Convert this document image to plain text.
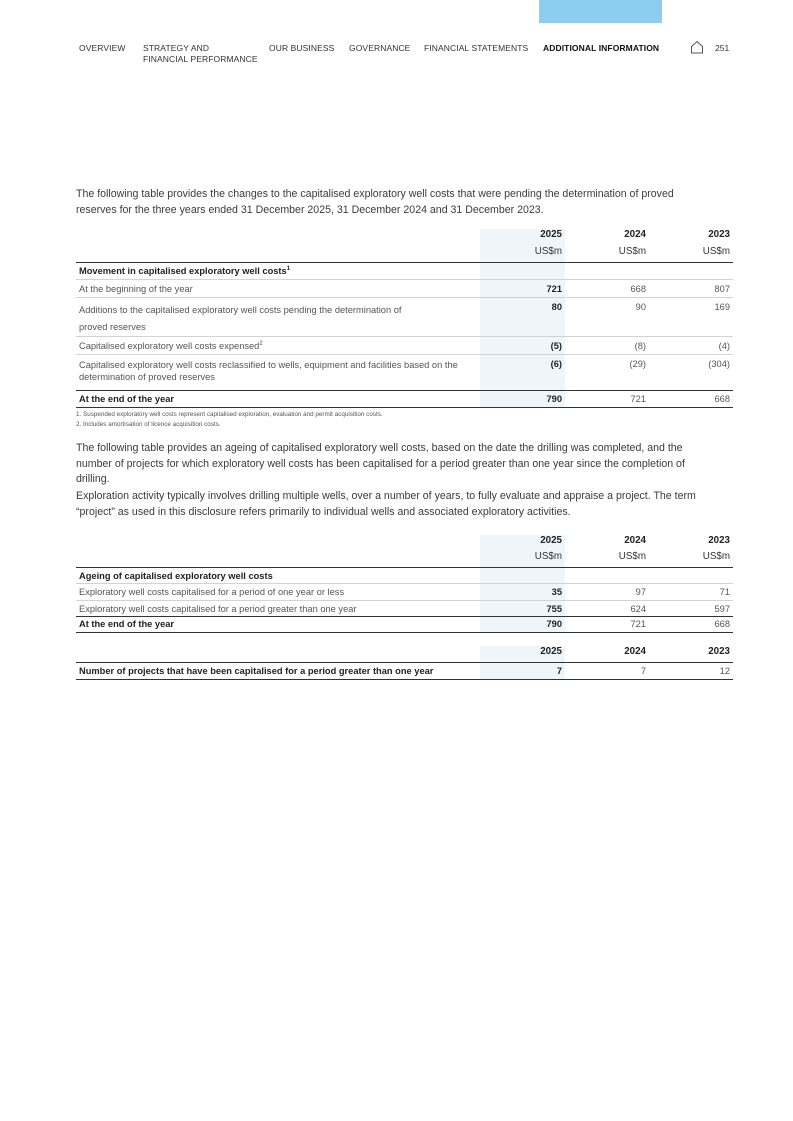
OVERVIEW STRATEGY AND
FINANCIAL PERFORMANCE
OUR BUSINESS GOVERNANCE FINANCIAL STATEMENTS ADDITIONAL INFORMATION	251

The following table provides the changes to the capitalised exploratory well costs that were pending the determination of proved reserves for the three years ended 31 December 2025, 31 December 2024 and 31 December 2023.

	2025	2024	2023
	US$m	US$m	US$m
Movement in capitalised exploratory well costs$^1$			
At the beginning of the year	721	668	807
Additions to the capitalised exploratory well costs pending the determination of
proved reserves	80	90	169
Capitalised exploratory well costs expensed$^2$	(5)	(8)	(4)
Capitalised exploratory well costs reclassified to wells, equipment and facilities based on the
determination of proved reserves	(6)	(29)	(304)
At the end of the year	790	721	668
1. Suspended exploratory well costs represent capitalised exploration, evaluation and permit acquisition costs.
2. Includes amortisation of licence acquisition costs.

The following table provides an ageing of capitalised exploratory well costs, based on the date the drilling was completed, and the number of projects for which exploratory well costs has been capitalised for a period greater than one year since the completion of drilling.

Exploration activity typically involves drilling multiple wells, over a number of years, to fully evaluate and appraise a project. The term “project” as used in this disclosure refers primarily to individual wells and associated exploratory activities.

	2025	2024	2023
	US$m	US$m	US$m
Ageing of capitalised exploratory well costs			
Exploratory well costs capitalised for a period of one year or less	35	97	71
Exploratory well costs capitalised for a period greater than one year	755	624	597
At the end of the year	790	721	668
	2025	2024	2023
Number of projects that have been capitalised for a period greater than one year	7	7	12
